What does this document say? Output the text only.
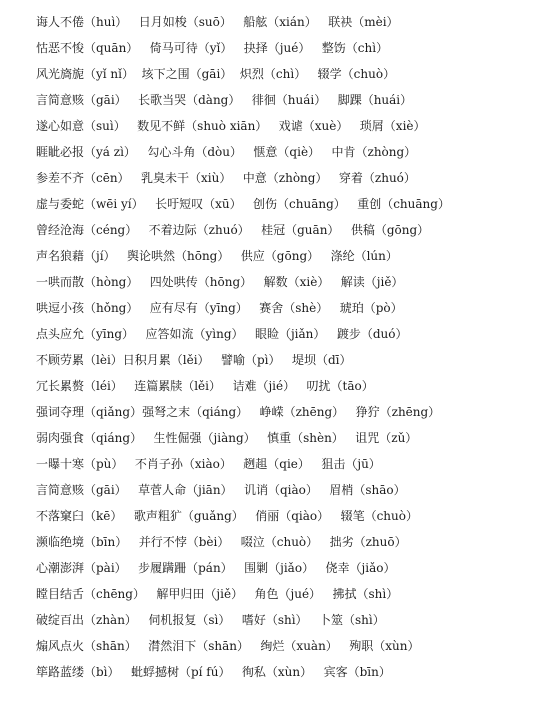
诲人不倦（huì）   日月如梭（suō）   船舷（xián）   联袂（mèi）
怙恶不悛（quān）   倚马可待（yǐ）   抉择（jué）   整饬（chì）
风光旖旎（yǐ nǐ）  垓下之围（gāi）  炽烈（chì）   辍学（chuò）
言简意赅（gāi）   长歌当哭（dàng）   徘徊（huái）   脚踝（huái）
遂心如意（suì）   数见不鲜（shuò xiān）   戏谑（xuè）   琐屑（xiè）
睚眦必报（yá zì）   勾心斗角（dòu）   惬意（qiè）   中肯（zhòng）
参差不齐（cēn）   乳臭未干（xiù）   中意（zhòng）   穿着（zhuó）
虚与委蛇（wēi yí）   长吁短叹（xū）   创伤（chuāng）   重创（chuāng）
曾经沧海（céng）   不着边际（zhuó）   桂冠（guān）   供稿（gōng）
声名狼藉（jí）   舆论哄然（hōng）   供应（gōng）   涤纶（lún）
一哄而散（hòng）   四处哄传（hōng）   解数（xiè）   解读（jiě）
哄逗小孩（hǒng）   应有尽有（yīng）   赛舍（shè）   琥珀（pò）
点头应允（yīng）   应答如流（yìng）   眼睑（jiǎn）   踱步（duó）
不顾劳累（lèi）日积月累（lěi）   譬喻（pì）   堤坝（dī）
冗长累赘（léi）   连篇累牍（lěi）   诘难（jié）   叨扰（tāo）
强词夺理（qiǎng）强弩之末（qiáng）   峥嵘（zhēng）   狰狞（zhēng）
弱肉强食（qiáng）   生性倔强（jiàng）   慎重（shèn）   诅咒（zǔ）
一曝十寒（pù）   不肖子孙（xiào）   趔趄（qie）   狙击（jū）
言简意赅（gāi）   草菅人命（jiān）   讥诮（qiào）   眉梢（shāo）
不落窠臼（kē）   歌声粗犷（guǎng）   俏丽（qiào）   辍笔（chuò）
濒临绝境（bīn）   并行不悖（bèi）   啜泣（chuò）   拙劣（zhuō）
心潮澎湃（pài）   步履蹒跚（pán）   围剿（jiǎo）   侥幸（jiǎo）
瞠目结舌（chēng）   解甲归田（jiě）   角色（jué）   拂拭（shì）
破绽百出（zhàn）   伺机报复（sì）   嗜好（shì）   卜筮（shì）
煽风点火（shān）   潸然泪下（shān）   绚烂（xuàn）   殉职（xùn）
筚路蓝缕（bì）   蚍蜉撼树（pí fú）   徇私（xùn）   宾客（bīn）
